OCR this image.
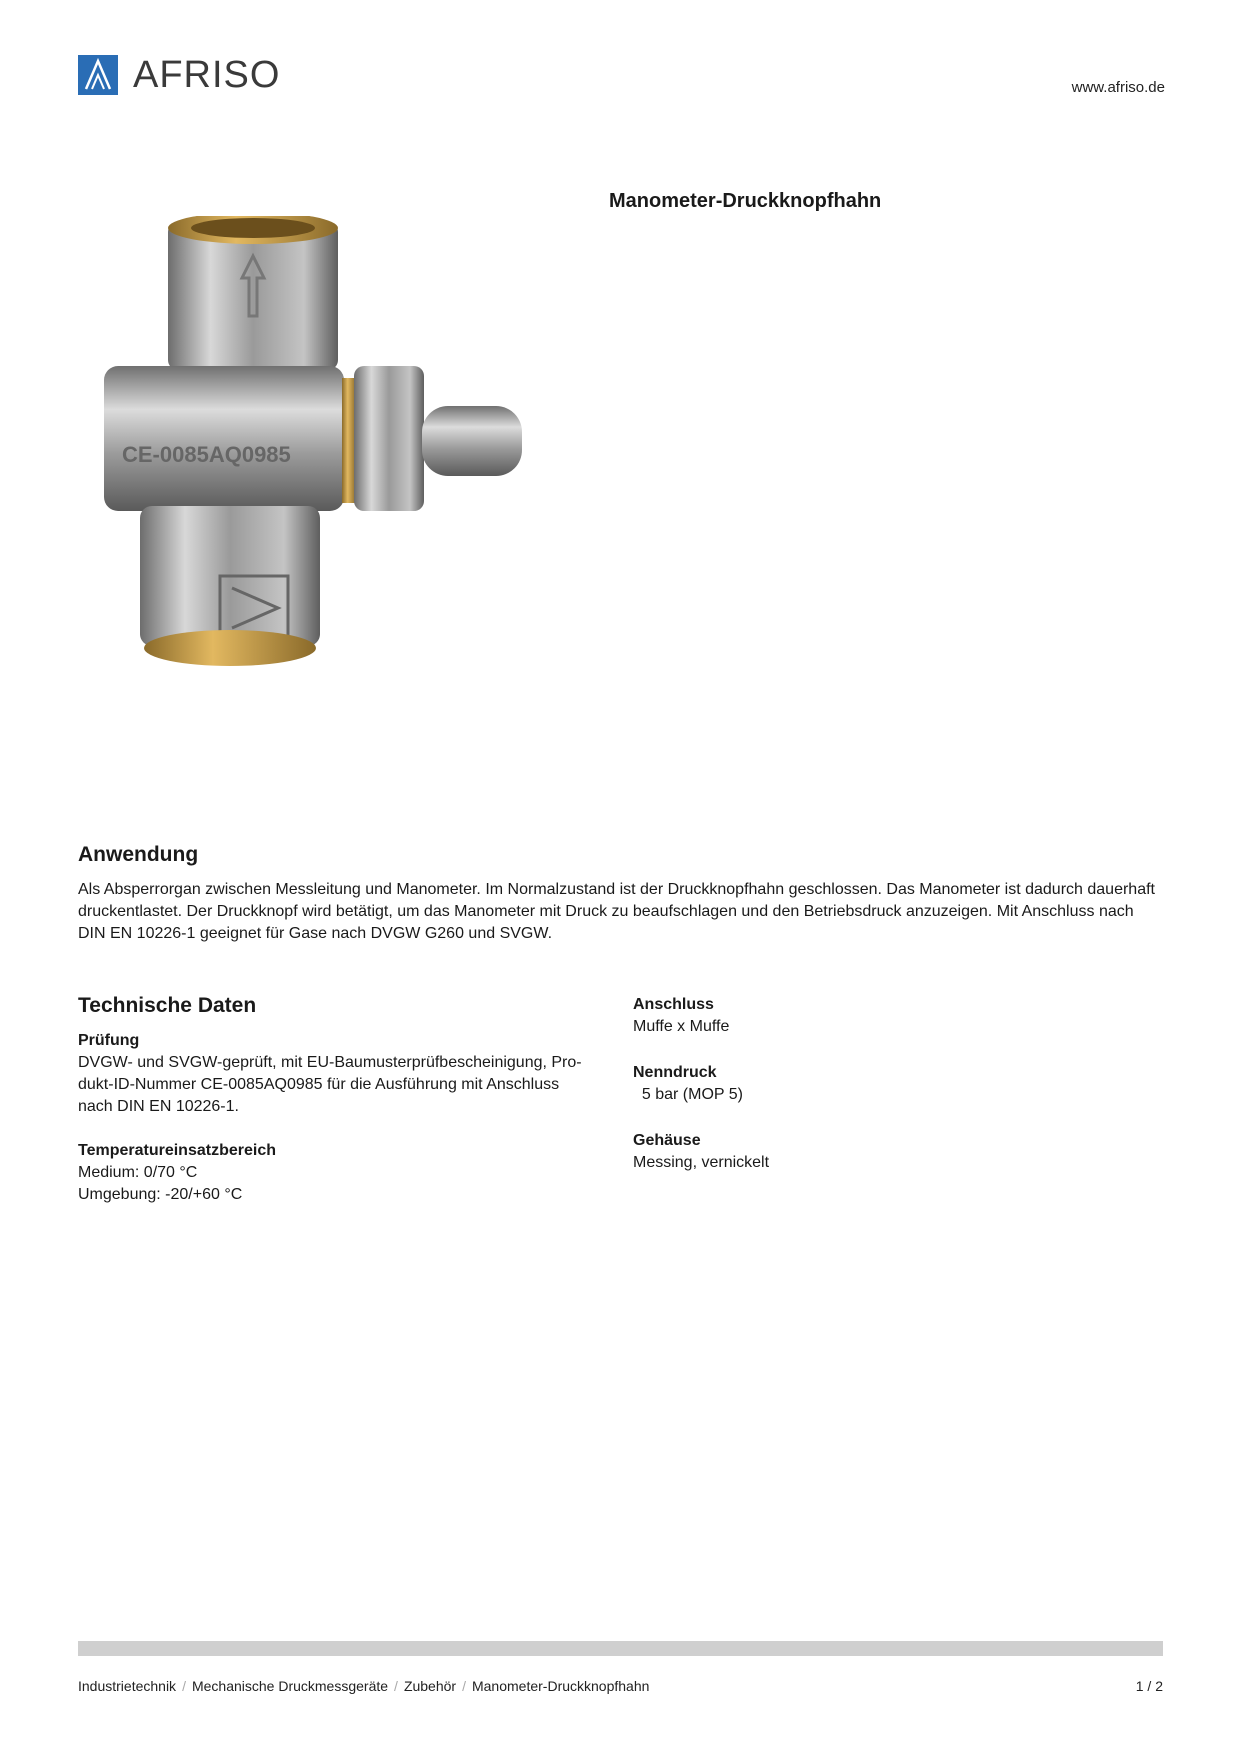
AFRISO	www.afriso.de
Manometer-Druckknopfhahn
CE-0085AQ0985
Anwendung

Als Absperrorgan zwischen Messleitung und Manometer. Im Normalzustand ist der Druckknopfhahn geschlossen. Das Manometer ist dadurch dauerhaft druckentlastet. Der Druckknopf wird betätigt, um das Manometer mit Druck zu beaufschlagen und den Betriebsdruck anzuzeigen. Mit Anschluss nach DIN EN 10226-1 geeignet für Gase nach DVGW G260 und SVGW.

Technische Daten
Prüfung
DVGW- und SVGW-geprüft, mit EU-Baumusterprüfbescheinigung, Pro-
dukt-ID-Nummer CE-0085AQ0985 für die Ausführung mit Anschluss
nach DIN EN 10226-1.
Temperatureinsatzbereich
Medium: 0/70 °C
Umgebung: -20/+60 °C
Anschluss
Muffe x Muffe
Nenndruck
5 bar (MOP 5)
Gehäuse
Messing, vernickelt
Industrietechnik / Mechanische Druckmessgeräte / Zubehör / Manometer-Druckknopfhahn	1 / 2
